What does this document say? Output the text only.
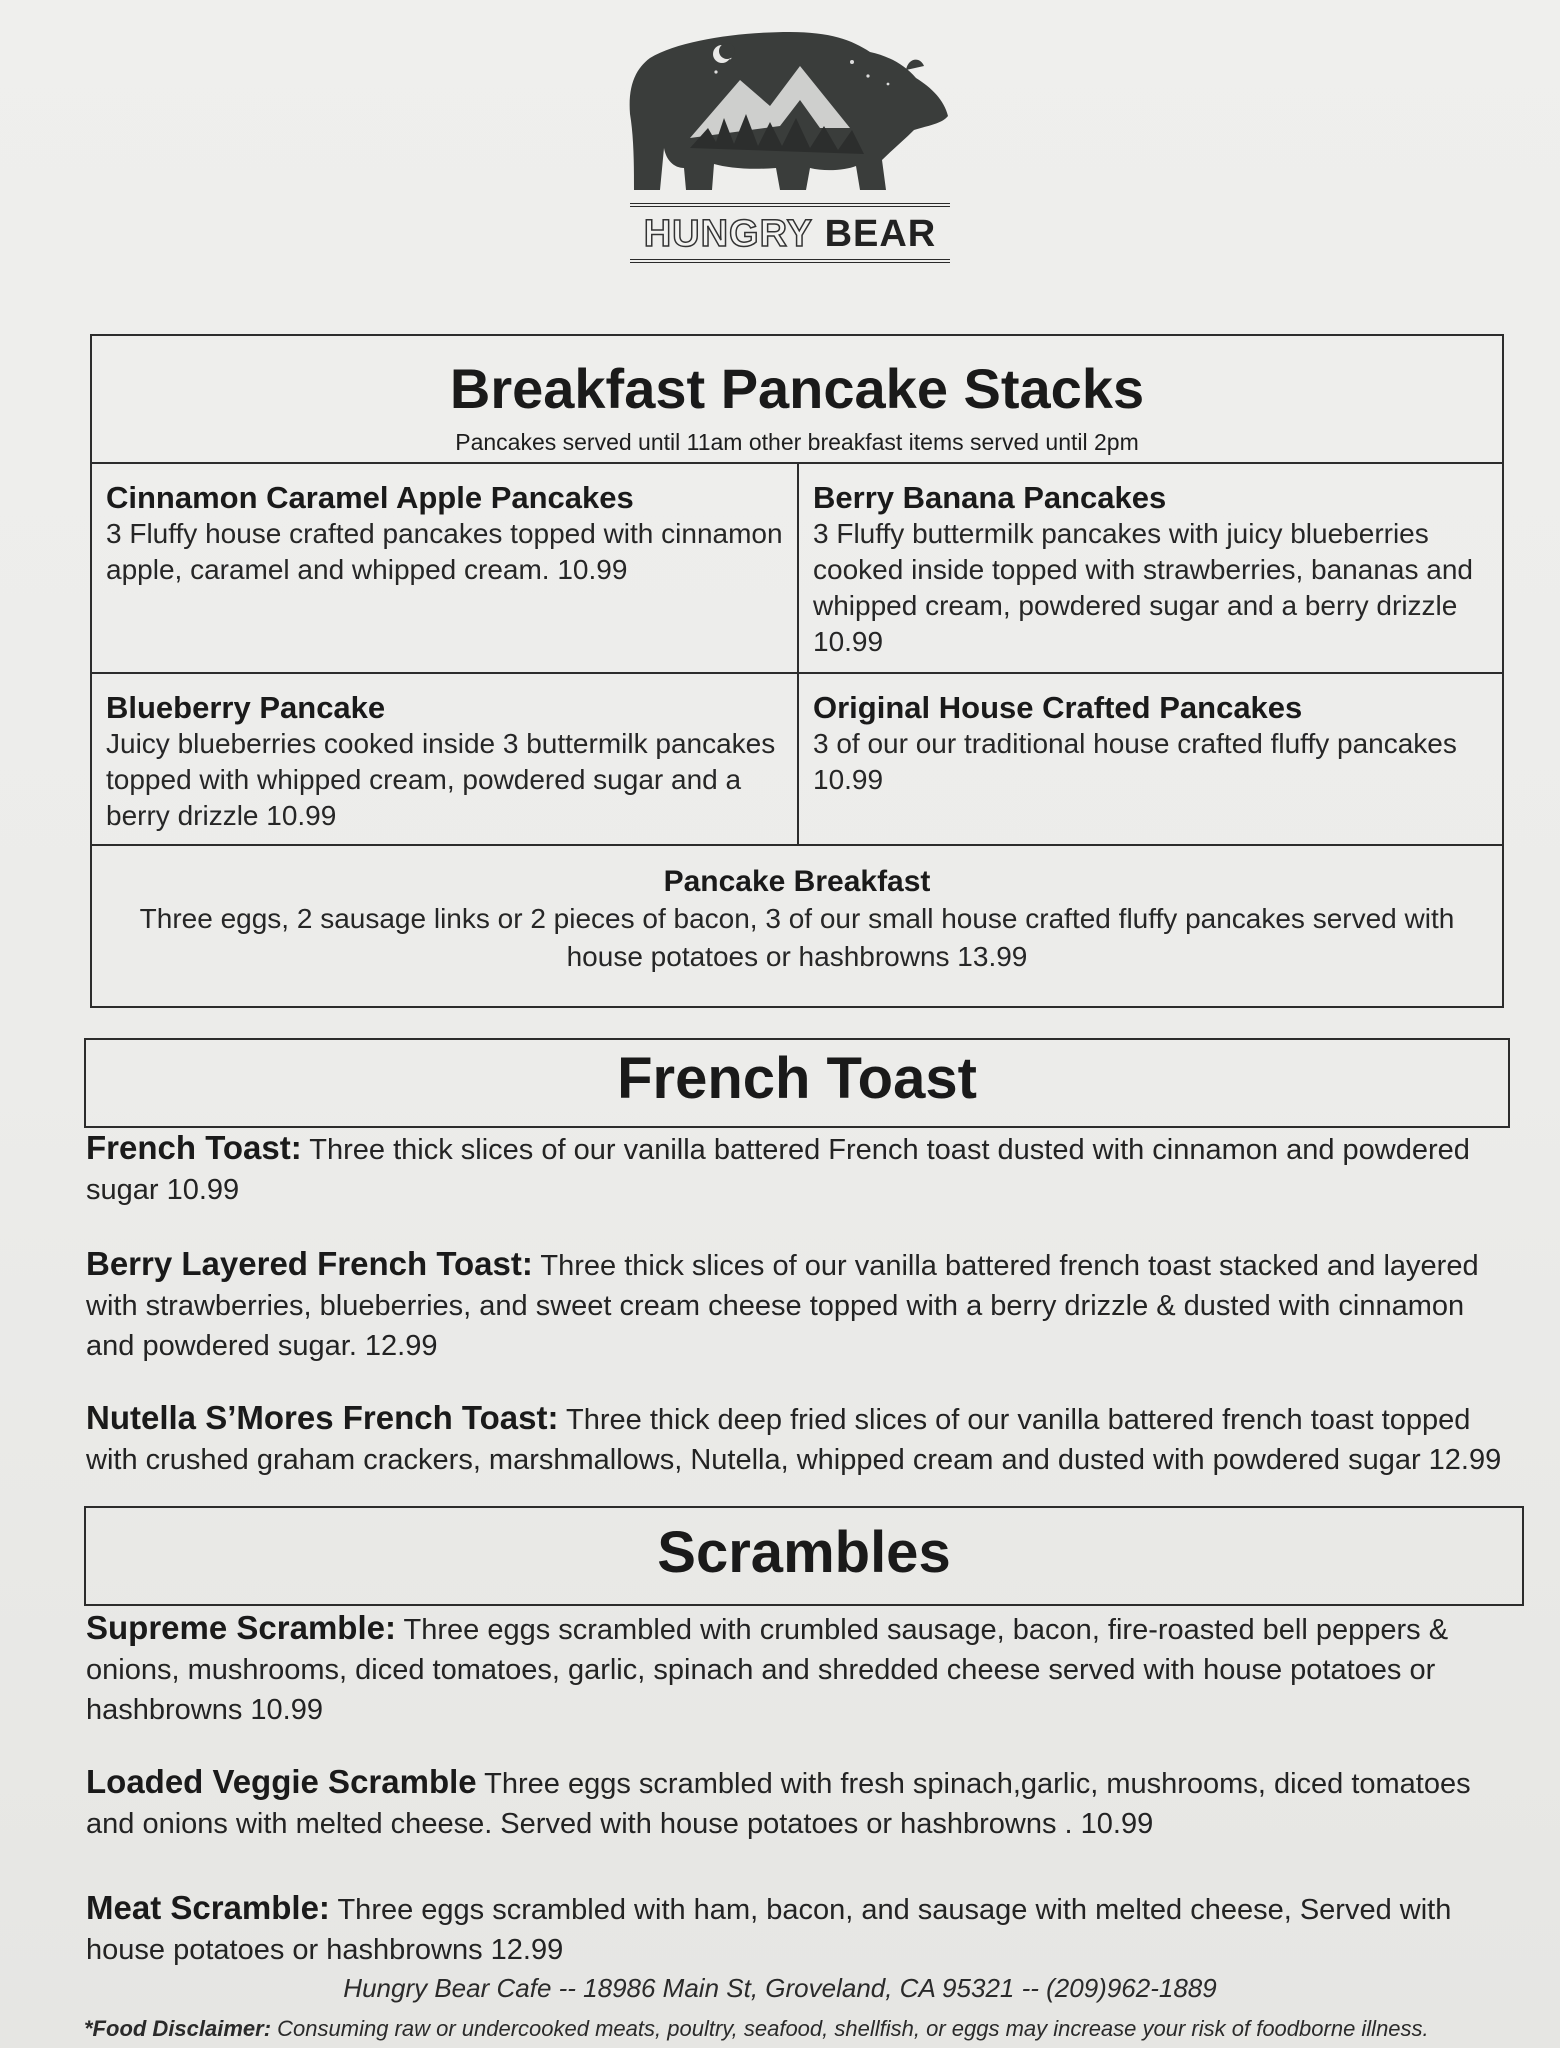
HUNGRY BEAR
Breakfast Pancake Stacks
Pancakes served until 11am other breakfast items served until 2pm

Cinnamon Caramel Apple Pancakes

3 Fluffy house crafted pancakes topped with cinnamon apple, caramel and whipped cream. 10.99

Berry Banana Pancakes

3 Fluffy buttermilk pancakes with juicy blueberries cooked inside topped with strawberries, bananas and whipped cream, powdered sugar and a berry drizzle 10.99

Blueberry Pancake

Juicy blueberries cooked inside 3 buttermilk pancakes topped with whipped cream, powdered sugar and a berry drizzle 10.99

Original House Crafted Pancakes

3 of our our traditional house crafted fluffy pancakes 10.99

Pancake Breakfast

Three eggs, 2 sausage links or 2 pieces of bacon, 3 of our small house crafted fluffy pancakes served with house potatoes or hashbrowns 13.99

French Toast

French Toast: Three thick slices of our vanilla battered French toast dusted with cinnamon and powdered sugar 10.99

Berry Layered French Toast: Three thick slices of our vanilla battered french toast stacked and layered with strawberries, blueberries, and sweet cream cheese topped with a berry drizzle & dusted with cinnamon and powdered sugar. 12.99

Nutella S’Mores French Toast: Three thick deep fried slices of our vanilla battered french toast topped with crushed graham crackers, marshmallows, Nutella, whipped cream and dusted with powdered sugar 12.99

Scrambles

Supreme Scramble: Three eggs scrambled with crumbled sausage, bacon, fire-roasted bell peppers & onions, mushrooms, diced tomatoes, garlic, spinach and shredded cheese served with house potatoes or hashbrowns 10.99

Loaded Veggie Scramble Three eggs scrambled with fresh spinach,garlic, mushrooms, diced tomatoes and onions with melted cheese. Served with house potatoes or hashbrowns . 10.99

Meat Scramble: Three eggs scrambled with ham, bacon, and sausage with melted cheese, Served with house potatoes or hashbrowns 12.99

Hungry Bear Cafe -- 18986 Main St, Groveland, CA 95321 -- (209)962-1889
*Food Disclaimer: Consuming raw or undercooked meats, poultry, seafood, shellfish, or eggs may increase your risk of foodborne illness.
